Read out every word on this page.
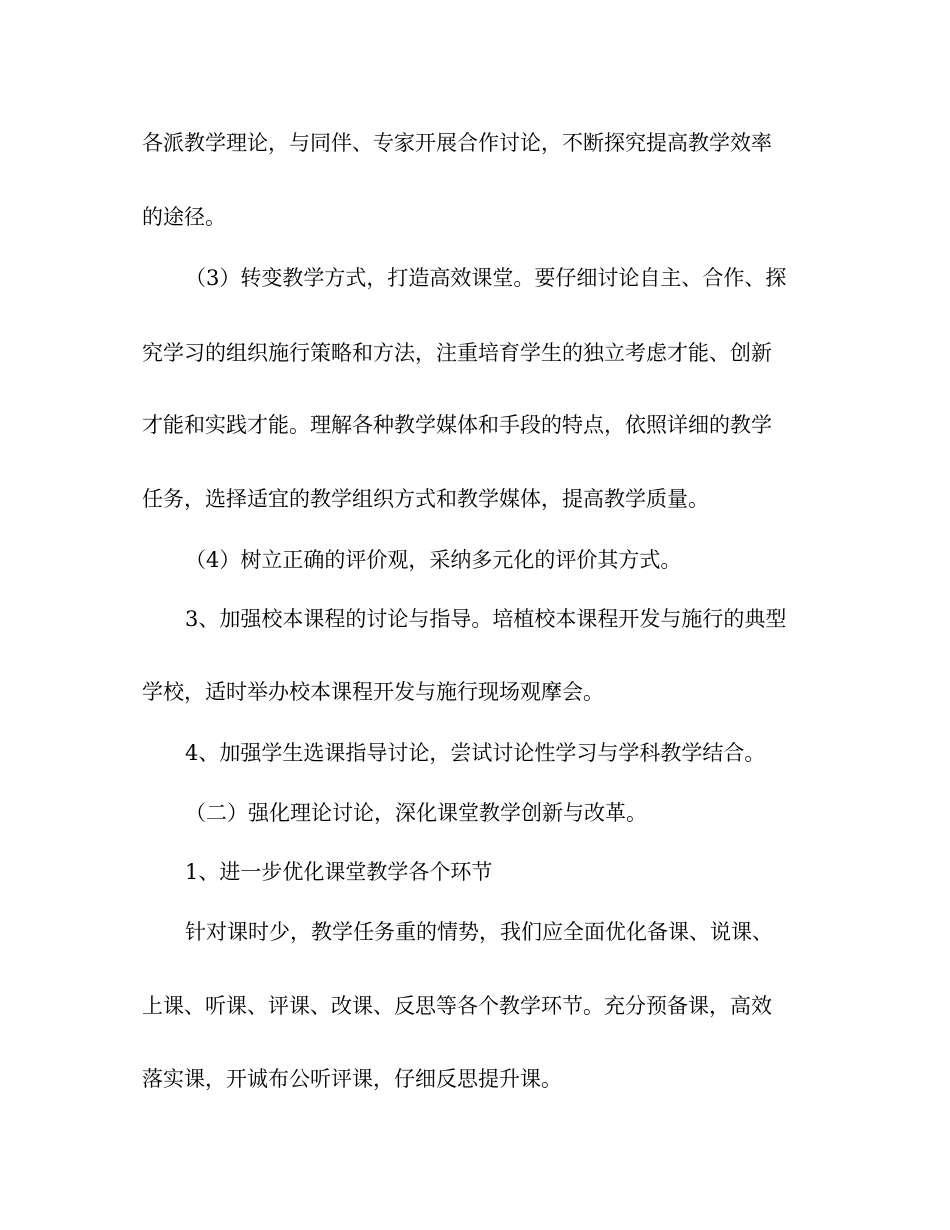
各派教学理论，与同伴、专家开展合作讨论，不断探究提高教学效率
的途径。
（3）转变教学方式，打造高效课堂。要仔细讨论自主、合作、探
究学习的组织施行策略和方法，注重培育学生的独立考虑才能、创新
才能和实践才能。理解各种教学媒体和手段的特点，依照详细的教学
任务，选择适宜的教学组织方式和教学媒体，提高教学质量。
（4）树立正确的评价观，采纳多元化的评价其方式。
3、加强校本课程的讨论与指导。培植校本课程开发与施行的典型
学校，适时举办校本课程开发与施行现场观摩会。
4、加强学生选课指导讨论，尝试讨论性学习与学科教学结合。
（二）强化理论讨论，深化课堂教学创新与改革。
1、进一步优化课堂教学各个环节
针对课时少，教学任务重的情势，我们应全面优化备课、说课、
上课、听课、评课、改课、反思等各个教学环节。充分预备课，高效
落实课，开诚布公听评课，仔细反思提升课。
